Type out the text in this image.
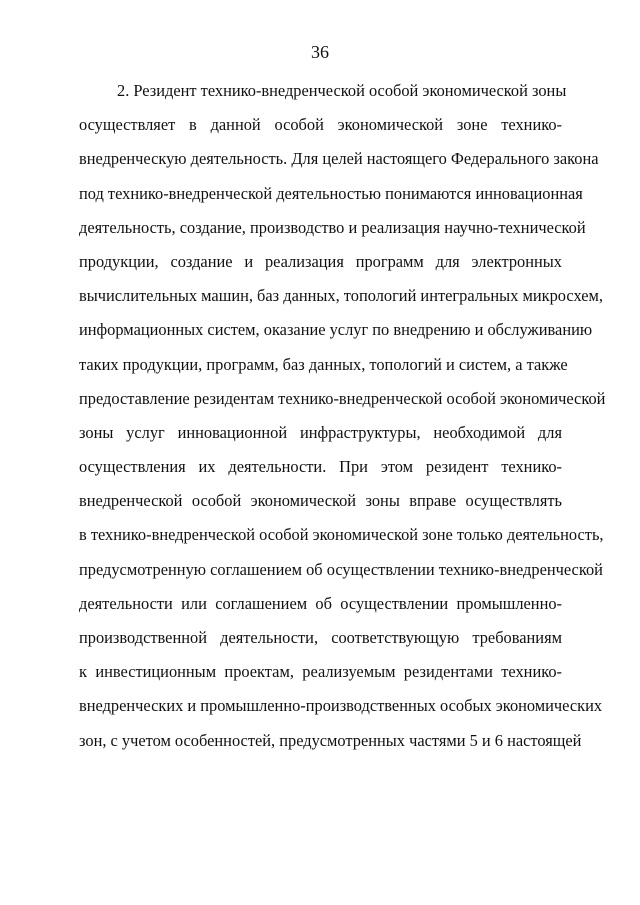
36
2. Резидент технико-внедренческой особой экономической зоны
осуществляет в данной особой экономической зоне технико-
внедренческую деятельность. Для целей настоящего Федерального закона
под технико-внедренческой деятельностью понимаются инновационная
деятельность, создание, производство и реализация научно-технической
продукции, создание и реализация программ для электронных
вычислительных машин, баз данных, топологий интегральных микросхем,
информационных систем, оказание услуг по внедрению и обслуживанию
таких продукции, программ, баз данных, топологий и систем, а также
предоставление резидентам технико-внедренческой особой экономической
зоны услуг инновационной инфраструктуры, необходимой для
осуществления их деятельности. При этом резидент технико-
внедренческой особой экономической зоны вправе осуществлять
в технико-внедренческой особой экономической зоне только деятельность,
предусмотренную соглашением об осуществлении технико-внедренческой
деятельности или соглашением об осуществлении промышленно-
производственной деятельности, соответствующую требованиям
к инвестиционным проектам, реализуемым резидентами технико-
внедренческих и промышленно-производственных особых экономических
зон, с учетом особенностей, предусмотренных частями 5 и 6 настоящей
